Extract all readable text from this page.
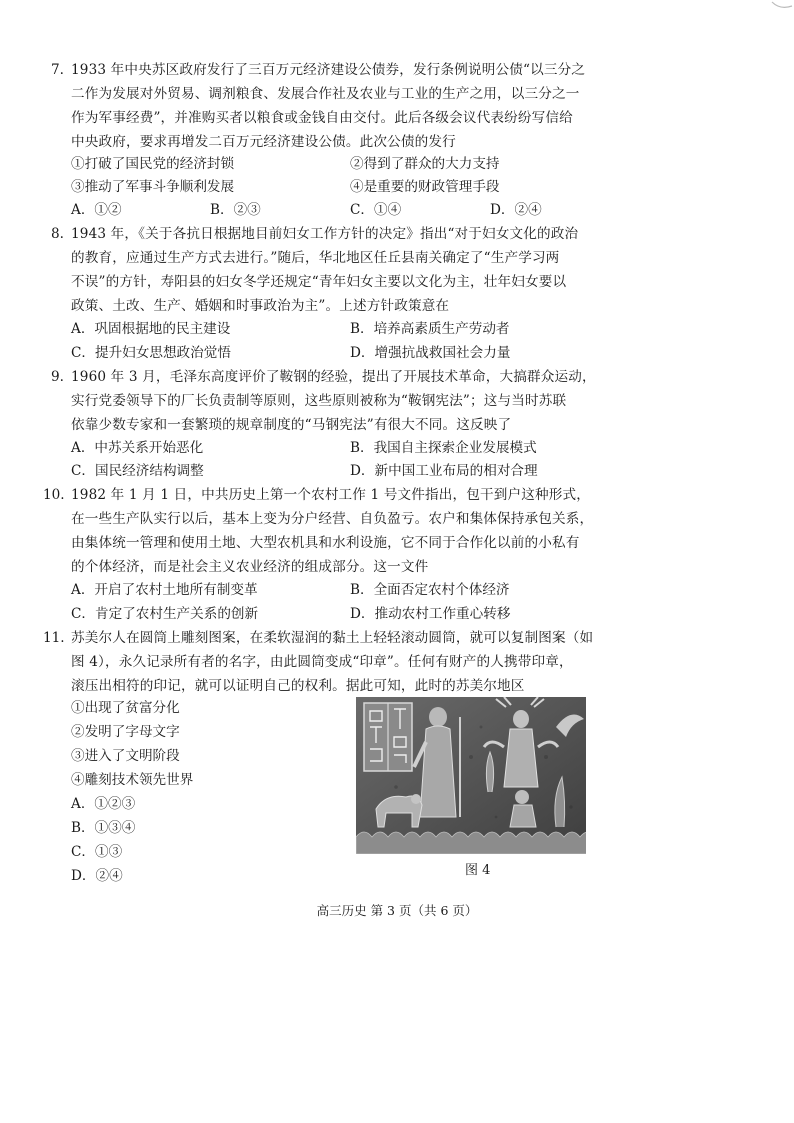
7. 1933 年中央苏区政府发行了三百万元经济建设公债券，发行条例说明公债“以三分之
二作为发展对外贸易、调剂粮食、发展合作社及农业与工业的生产之用，以三分之一
作为军事经费”，并准购买者以粮食或金钱自由交付。此后各级会议代表纷纷写信给
中央政府，要求再增发二百万元经济建设公债。此次公债的发行
①打破了国民党的经济封锁	②得到了群众的大力支持
③推动了军事斗争顺利发展	④是重要的财政管理手段
A．①②	B．②③	C．①④	D．②④
8. 1943 年，《关于各抗日根据地目前妇女工作方针的决定》指出“对于妇女文化的政治
的教育，应通过生产方式去进行。”随后，华北地区任丘县南关确定了“生产学习两
不误”的方针，寿阳县的妇女冬学还规定“青年妇女主要以文化为主，壮年妇女要以
政策、土改、生产、婚姻和时事政治为主”。上述方针政策意在
A．巩固根据地的民主建设	B．培养高素质生产劳动者
C．提升妇女思想政治觉悟	D．增强抗战救国社会力量
9. 1960 年 3 月，毛泽东高度评价了鞍钢的经验，提出了开展技术革命，大搞群众运动，
实行党委领导下的厂长负责制等原则，这些原则被称为“鞍钢宪法”；这与当时苏联
依靠少数专家和一套繁琐的规章制度的“马钢宪法”有很大不同。这反映了
A．中苏关系开始恶化	B．我国自主探索企业发展模式
C．国民经济结构调整	D．新中国工业布局的相对合理
10. 1982 年 1 月 1 日，中共历史上第一个农村工作 1 号文件指出，包干到户这种形式，
在一些生产队实行以后，基本上变为分户经营、自负盈亏。农户和集体保持承包关系，
由集体统一管理和使用土地、大型农机具和水利设施，它不同于合作化以前的小私有
的个体经济，而是社会主义农业经济的组成部分。这一文件
A．开启了农村土地所有制变革	B．全面否定农村个体经济
C．肯定了农村生产关系的创新	D．推动农村工作重心转移
11. 苏美尔人在圆筒上雕刻图案，在柔软湿润的黏土上轻轻滚动圆筒，就可以复制图案（如
图 4），永久记录所有者的名字，由此圆筒变成“印章”。任何有财产的人携带印章，
滚压出相符的印记，就可以证明自己的权利。据此可知，此时的苏美尔地区
①出现了贫富分化
②发明了字母文字
③进入了文明阶段
④雕刻技术领先世界
A．①②③
B．①③④
C．①③
D．②④	图 4
高三历史 第 3 页（共 6 页）
